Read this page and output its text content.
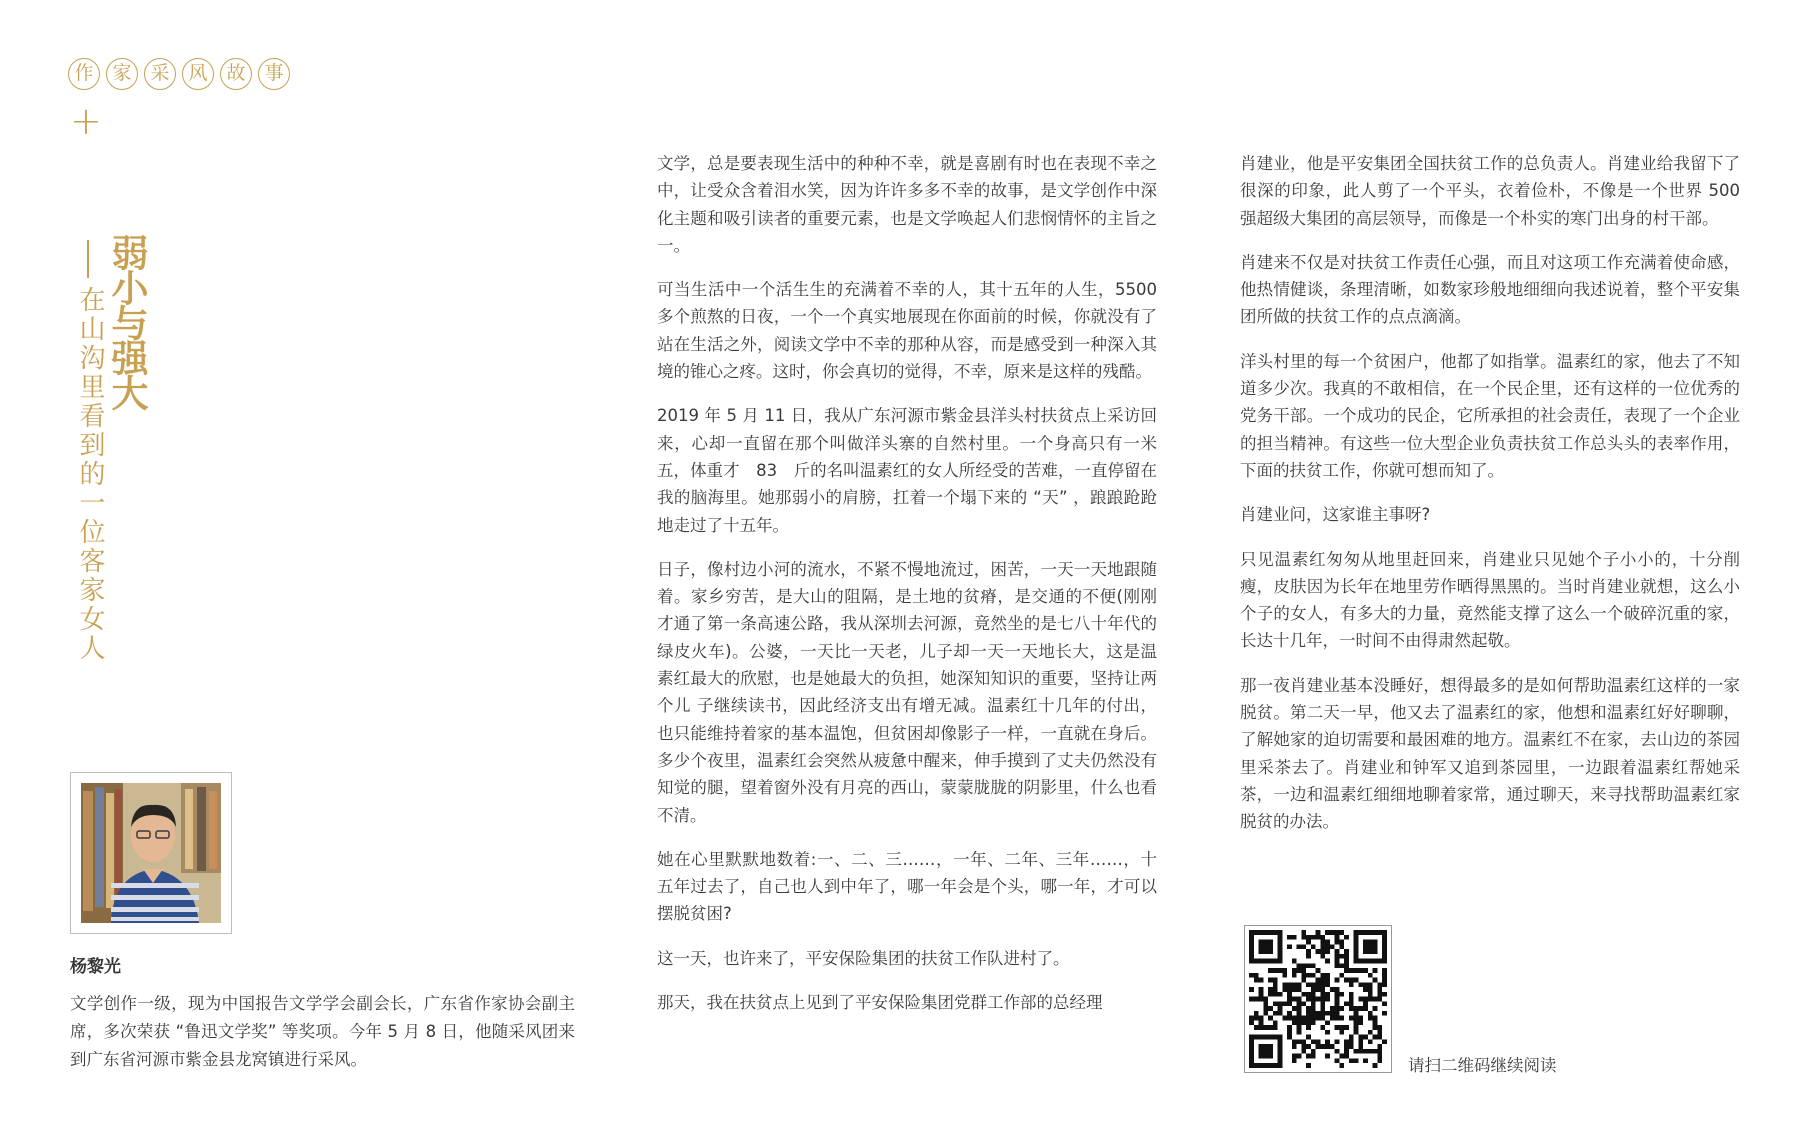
作 家 采 风 故 事
+
弱小与强大
在山沟里看到的一位客家女人
杨黎光

文学创作一级，现为中国报告文学学会副会长，广东省作家协会副主席，多次荣获 “鲁迅文学奖” 等奖项。今年 5 月 8 日，他随采风团来到广东省河源市紫金县龙窝镇进行采风。

文学，总是要表现生活中的种种不幸，就是喜剧有时也在表现不幸之中，让受众含着泪水笑，因为许许多多不幸的故事，是文学创作中深化主题和吸引读者的重要元素，也是文学唤起人们悲悯情怀的主旨之一。

可当生活中一个活生生的充满着不幸的人，其十五年的人生，5500　多个煎熬的日夜，一个一个真实地展现在你面前的时候，你就没有了站在生活之外，阅读文学中不幸的那种从容，而是感受到一种深入其境的锥心之疼。这时，你会真切的觉得，不幸，原来是这样的残酷。

2019 年 5 月 11 日，我从广东河源市紫金县洋头村扶贫点上采访回来，心却一直留在那个叫做洋头寨的自然村里。一个身高只有一米五，体重才　83　斤的名叫温素红的女人所经受的苦难，一直停留在我的脑海里。她那弱小的肩膀，扛着一个塌下来的 “天” ，踉踉跄跄地走过了十五年。

日子，像村边小河的流水，不紧不慢地流过，困苦，一天一天地跟随着。家乡穷苦，是大山的阻隔，是土地的贫瘠，是交通的不便(刚刚才通了第一条高速公路，我从深圳去河源，竟然坐的是七八十年代的绿皮火车)。公婆，一天比一天老，儿子却一天一天地长大，这是温素红最大的欣慰，也是她最大的负担，她深知知识的重要，坚持让两个儿 子继续读书，因此经济支出有增无减。温素红十几年的付出，也只能维持着家的基本温饱，但贫困却像影子一样，一直就在身后。多少个夜里，温素红会突然从疲惫中醒来，伸手摸到了丈夫仍然没有知觉的腿，望着窗外没有月亮的西山，蒙蒙胧胧的阴影里，什么也看不清。

她在心里默默地数着:一、二、三……，一年、二年、三年……，十五年过去了，自己也人到中年了，哪一年会是个头，哪一年，才可以摆脱贫困?

这一天，也许来了，平安保险集团的扶贫工作队进村了。

那天，我在扶贫点上见到了平安保险集团党群工作部的总经理

肖建业，他是平安集团全国扶贫工作的总负责人。肖建业给我留下了很深的印象，此人剪了一个平头，衣着俭朴，不像是一个世界 500 强超级大集团的高层领导，而像是一个朴实的寒门出身的村干部。

肖建来不仅是对扶贫工作责任心强，而且对这项工作充满着使命感，他热情健谈，条理清晰，如数家珍般地细细向我述说着，整个平安集团所做的扶贫工作的点点滴滴。

洋头村里的每一个贫困户，他都了如指掌。温素红的家，他去了不知道多少次。我真的不敢相信，在一个民企里，还有这样的一位优秀的党务干部。一个成功的民企，它所承担的社会责任，表现了一个企业的担当精神。有这些一位大型企业负责扶贫工作总头头的表率作用，下面的扶贫工作，你就可想而知了。

肖建业问，这家谁主事呀?

只见温素红匆匆从地里赶回来，肖建业只见她个子小小的，十分削瘦，皮肤因为长年在地里劳作晒得黑黑的。当时肖建业就想，这么小个子的女人，有多大的力量，竟然能支撑了这么一个破碎沉重的家，长达十几年，一时间不由得肃然起敬。

那一夜肖建业基本没睡好，想得最多的是如何帮助温素红这样的一家脱贫。第二天一早，他又去了温素红的家，他想和温素红好好聊聊，了解她家的迫切需要和最困难的地方。温素红不在家，去山边的茶园里采茶去了。肖建业和钟军又追到茶园里，一边跟着温素红帮她采茶，一边和温素红细细地聊着家常，通过聊天，来寻找帮助温素红家脱贫的办法。

请扫二维码继续阅读
